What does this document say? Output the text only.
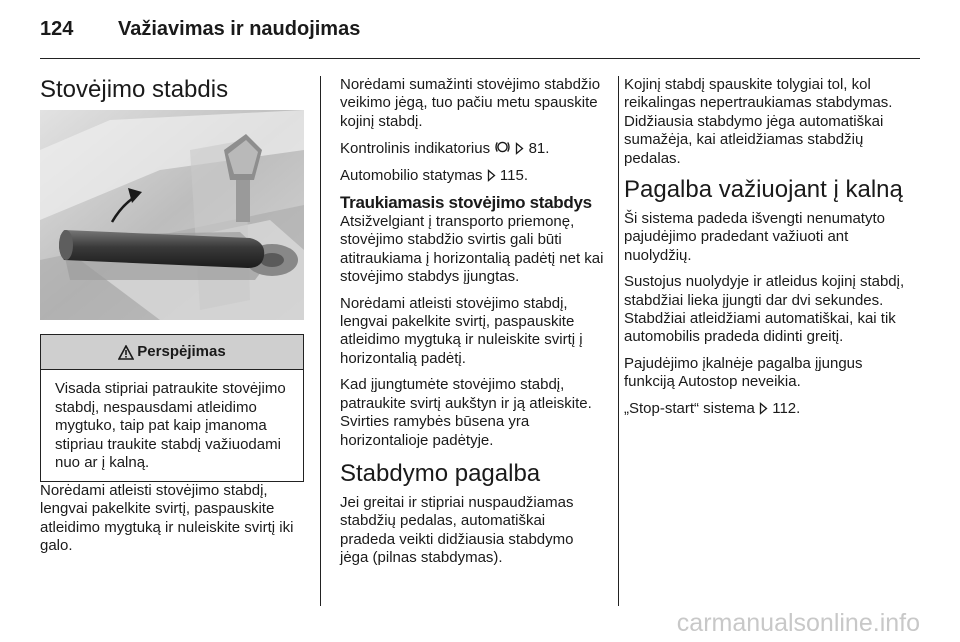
124 Važiavimas ir naudojimas
Stovėjimo stabdis
Perspėjimas
Visada stipriai patraukite stovėjimo stabdį, nespausdami atleidimo mygtuko, taip pat kaip įmanoma stipriau traukite stabdį važiuodami nuo ar į kalną.

Norėdami atleisti stovėjimo stabdį, lengvai pakelkite svirtį, paspauskite atleidimo mygtuką ir nuleiskite svirtį iki galo.

Norėdami sumažinti stovėjimo stabdžio veikimo jėgą, tuo pačiu metu spauskite kojinį stabdį.

Kontrolinis indikatorius	81.

Automobilio statymas 115.

Traukiamasis stovėjimo stabdys

Atsižvelgiant į transporto priemonę, stovėjimo stabdžio svirtis gali būti atitraukiama į horizontalią padėtį net kai stovėjimo stabdys įjungtas.

Norėdami atleisti stovėjimo stabdį, lengvai pakelkite svirtį, paspauskite atleidimo mygtuką ir nuleiskite svirtį į horizontalią padėtį.

Kad įjungtumėte stovėjimo stabdį, patraukite svirtį aukštyn ir ją atleiskite. Svirties ramybės būsena yra horizontalioje padėtyje.

Stabdymo pagalba

Jei greitai ir stipriai nuspaudžiamas stabdžių pedalas, automatiškai pradeda veikti didžiausia stabdymo jėga (pilnas stabdymas).

Kojinį stabdį spauskite tolygiai tol, kol reikalingas nepertraukiamas stabdymas. Didžiausia stabdymo jėga automatiškai sumažėja, kai atleidžiamas stabdžių pedalas.

Pagalba važiuojant į kalną

Ši sistema padeda išvengti nenumatyto pajudėjimo pradedant važiuoti ant nuolydžių.

Sustojus nuolydyje ir atleidus kojinį stabdį, stabdžiai lieka įjungti dar dvi sekundes. Stabdžiai atleidžiami automatiškai, kai tik automobilis pradeda didinti greitį.

Pajudėjimo įkalnėje pagalba įjungus funkciją Autostop neveikia.

„Stop-start“ sistema 112.

carmanualsonline.info
